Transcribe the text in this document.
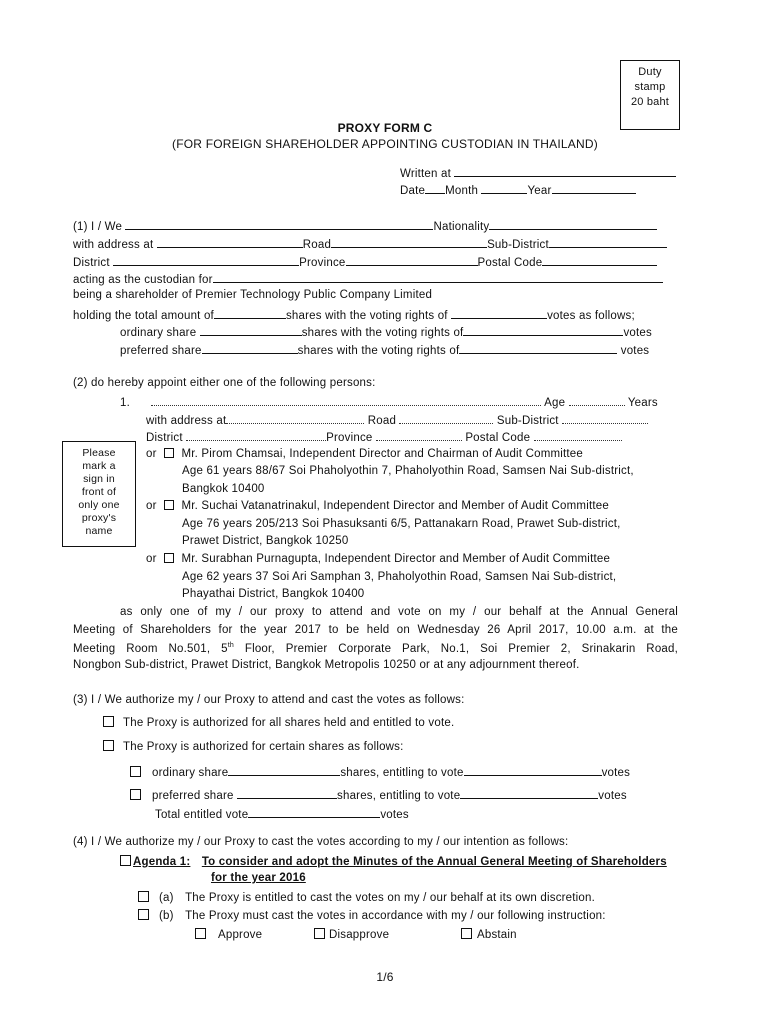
Duty
stamp
20 baht
PROXY FORM C
(FOR FOREIGN SHAREHOLDER APPOINTING CUSTODIAN IN THAILAND)
Written at
Date Month	Year
(1) I / We	Nationality
with address at	Road	Sub-District
District	Province	Postal Code
acting as the custodian for
being a shareholder of Premier Technology Public Company Limited
holding the total amount of	shares with the voting rights of	votes as follows;
ordinary share	shares with the voting rights of	votes
preferred share	shares with the voting rights of	votes
(2) do hereby appoint either one of the following persons:
1.	Age	Years
with address at	Road	Sub-District
District	Province	Postal Code
Please
mark a
sign in
front of
only one
proxy's
name
or Mr. Pirom Chamsai, Independent Director and Chairman of Audit Committee
Age 61 years 88/67 Soi Phaholyothin 7, Phaholyothin Road, Samsen Nai Sub-district,
Bangkok 10400
or Mr. Suchai Vatanatrinakul, Independent Director and Member of Audit Committee
Age 76 years 205/213 Soi Phasuksanti 6/5, Pattanakarn Road, Prawet Sub-district,
Prawet District, Bangkok 10250
or Mr. Surabhan Purnagupta, Independent Director and Member of Audit Committee
Age 62 years 37 Soi Ari Samphan 3, Phaholyothin Road, Samsen Nai Sub-district,
Phayathai District, Bangkok 10400
as only one of my / our proxy to attend and vote on my / our behalf at the Annual General
Meeting of Shareholders for the year 2017 to be held on Wednesday 26 April 2017, 10.00 a.m. at the
Meeting Room No.501, 5th Floor, Premier Corporate Park, No.1, Soi Premier 2, Srinakarin Road,
Nongbon Sub-district, Prawet District, Bangkok Metropolis 10250 or at any adjournment thereof.
(3) I / We authorize my / our Proxy to attend and cast the votes as follows:
The Proxy is authorized for all shares held and entitled to vote.
The Proxy is authorized for certain shares as follows:
ordinary share	shares, entitling to vote	votes
preferred share	shares, entitling to vote	votes
Total entitled vote	votes
(4) I / We authorize my / our Proxy to cast the votes according to my / our intention as follows:
Agenda 1: To consider and adopt the Minutes of the Annual General Meeting of Shareholders
for the year 2016
(a) The Proxy is entitled to cast the votes on my / our behalf at its own discretion.
(b) The Proxy must cast the votes in accordance with my / our following instruction:
Approve	Disapprove	Abstain
1/6
